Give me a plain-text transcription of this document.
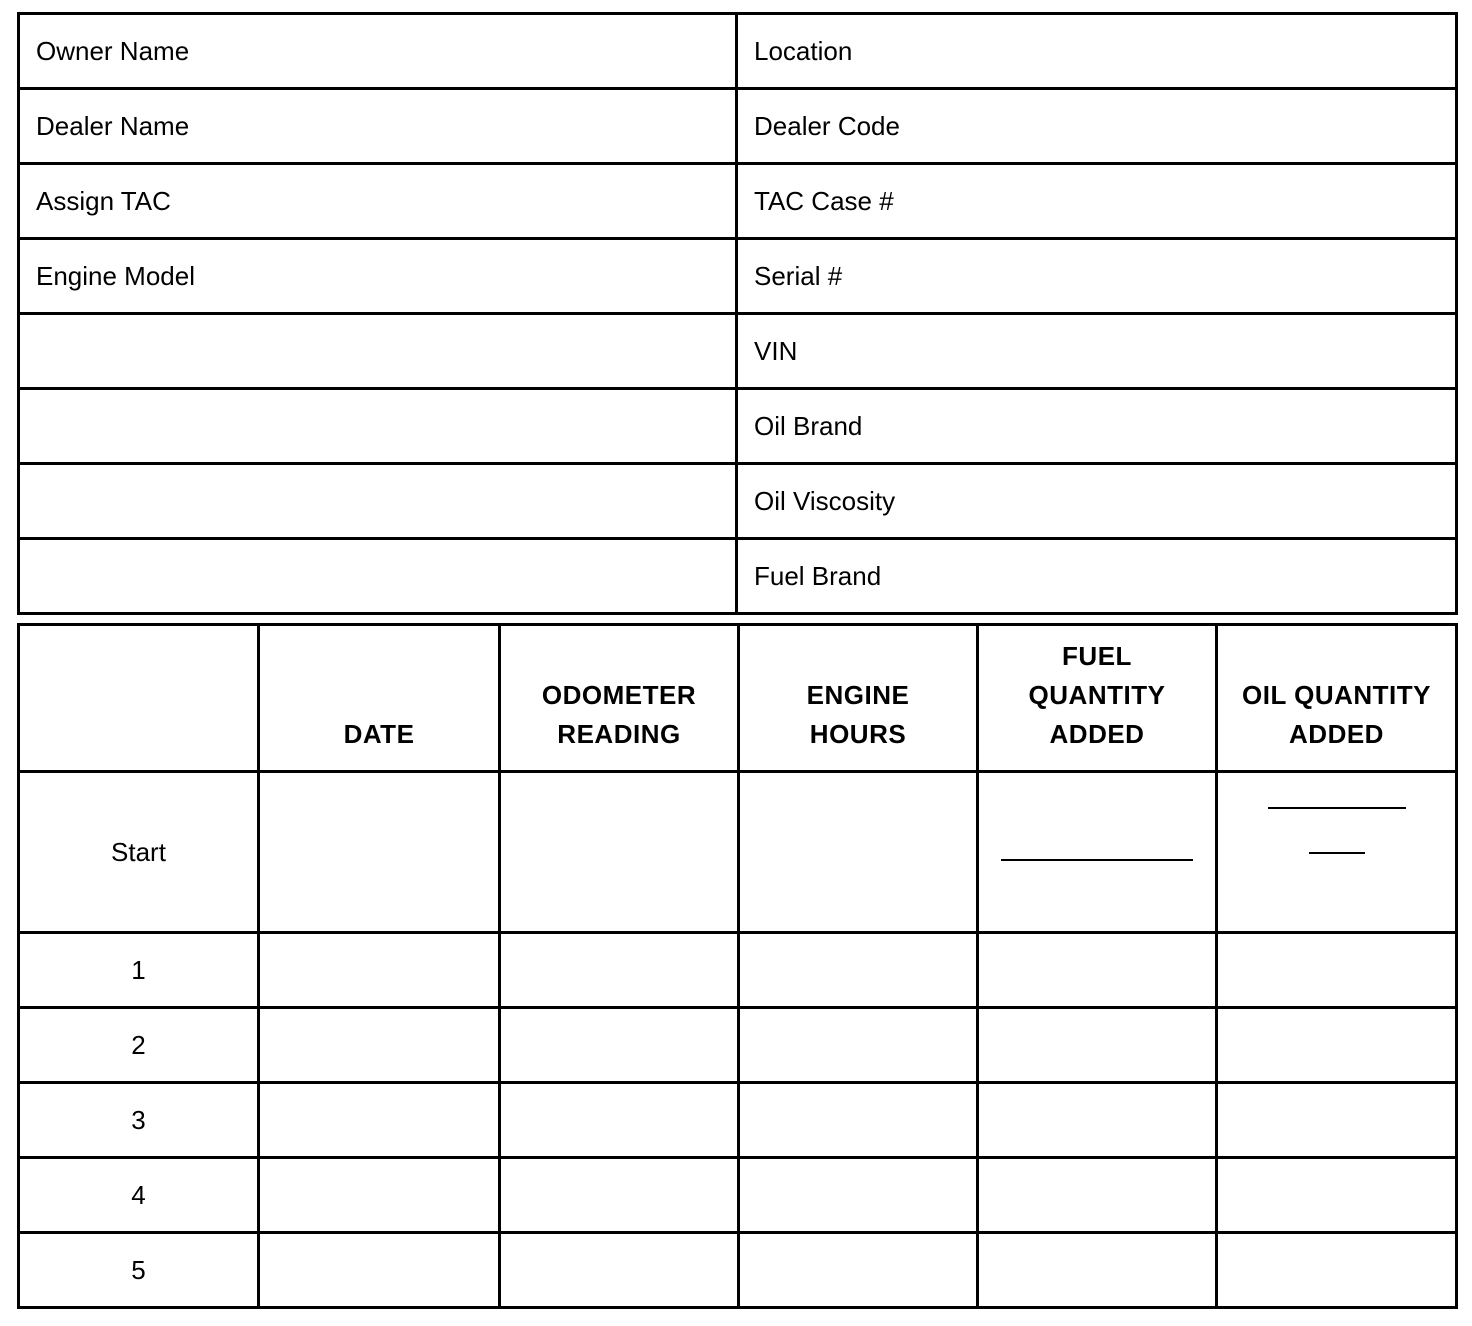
Owner Name	Location
Dealer Name	Dealer Code
Assign TAC	TAC Case #
Engine Model	Serial #
	VIN
	Oil Brand
	Oil Viscosity
	Fuel Brand
	DATE	ODOMETER READING	ENGINE HOURS	FUEL QUANTITY ADDED	OIL QUANTITY ADDED
Start					

1					
2					
3					
4					
5					
